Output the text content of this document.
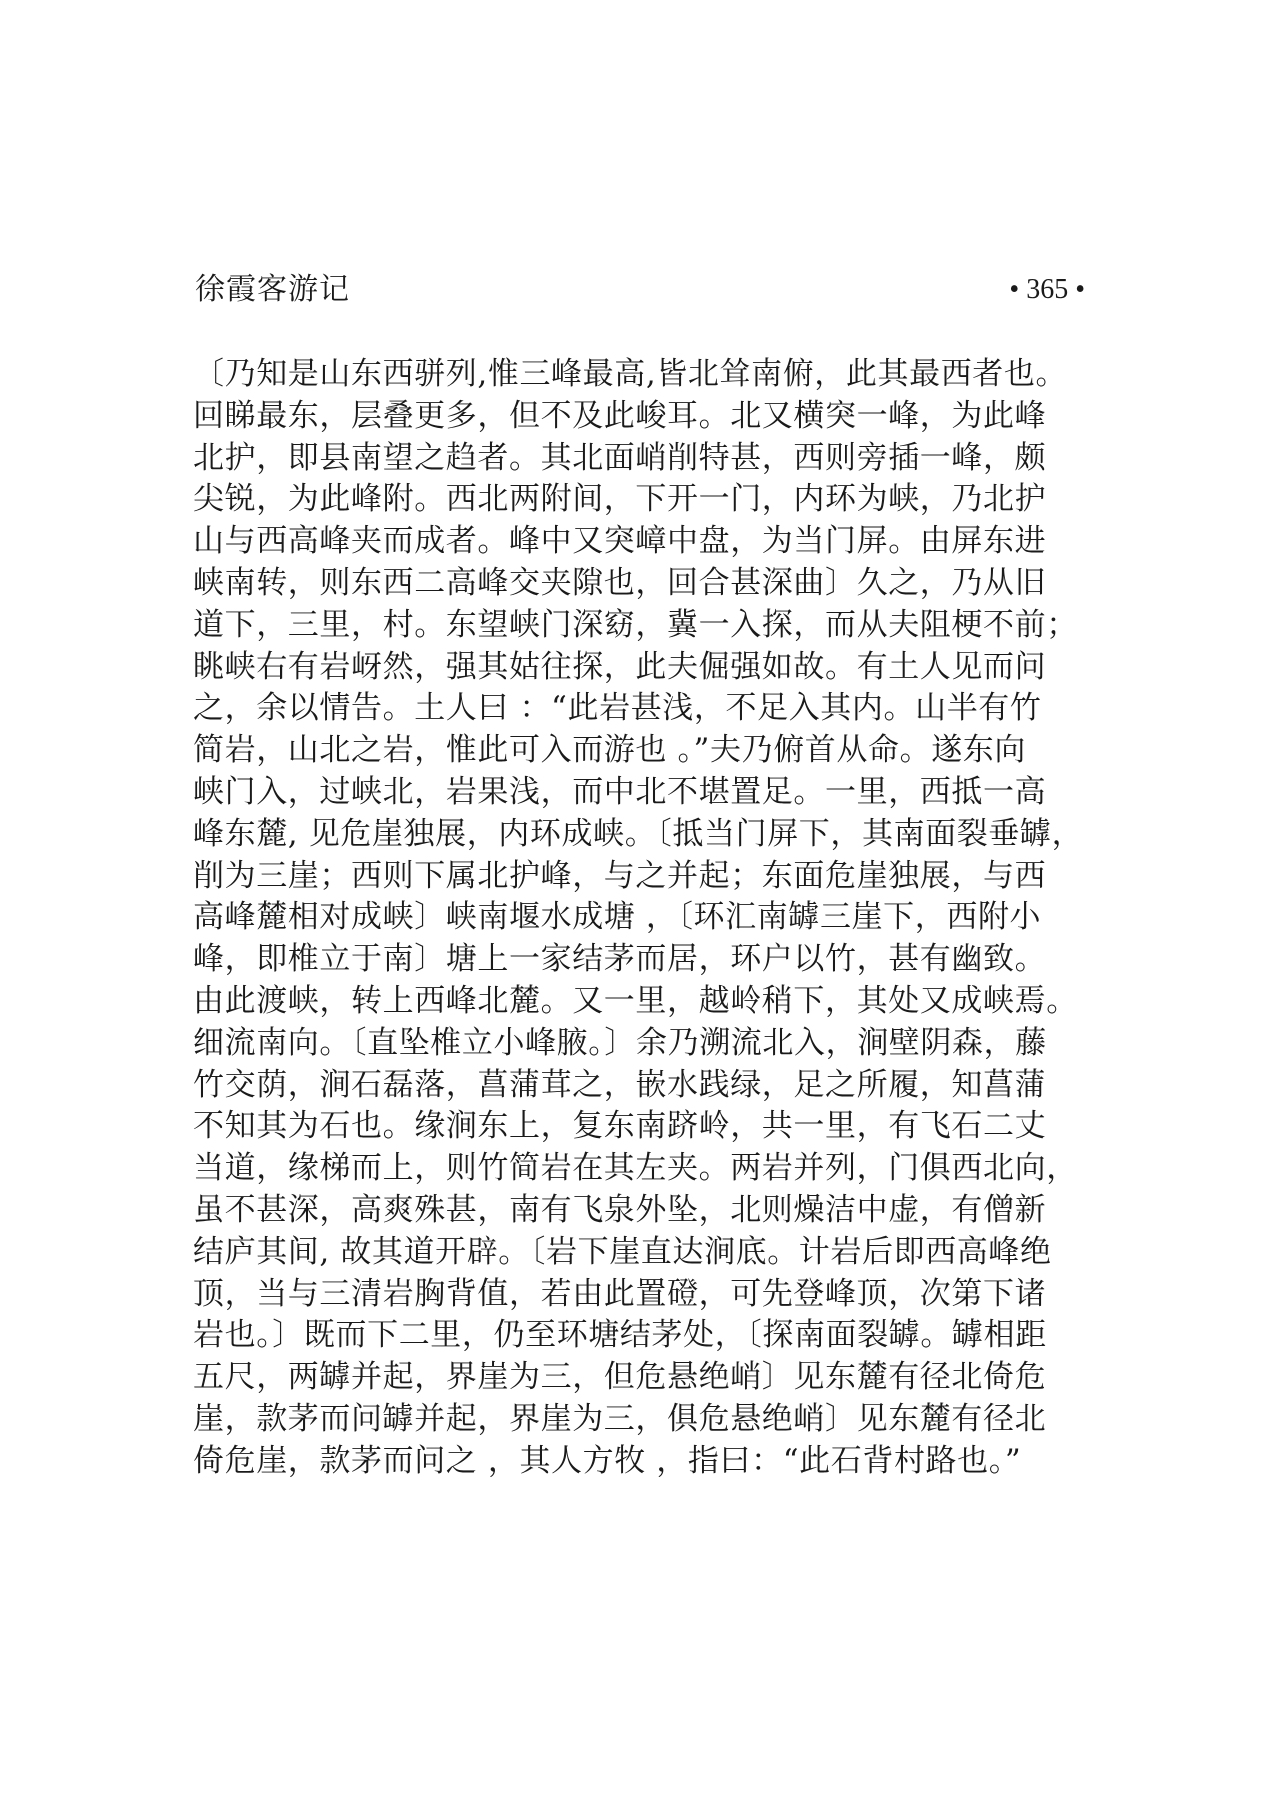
徐霞客游记	• 365 •
〔乃知是山东西骈列,惟三峰最高,皆北耸南俯，此其最西者也。
回睇最东，层叠更多，但不及此峻耳。北又横突一峰，为此峰
北护，即县南望之趋者。其北面峭削特甚，西则旁插一峰，颇
尖锐，为此峰附。西北两附间，下开一门，内环为峡，乃北护
山与西高峰夹而成者。峰中又突嶂中盘，为当门屏。由屏东进
峡南转，则东西二高峰交夹隙也，回合甚深曲〕久之，乃从旧
道下，三里，村。东望峡门深窈，冀一入探，而从夫阻梗不前；
眺峡右有岩岈然，强其姑往探，此夫倔强如故。有土人见而问
之，余以情告。土人曰 ：“此岩甚浅，不足入其内。山半有竹
简岩，山北之岩，惟此可入而游也 。”夫乃俯首从命。遂东向
峡门入，过峡北，岩果浅，而中北不堪置足。一里，西抵一高
峰东麓, 见危崖独展，内环成峡。〔抵当门屏下，其南面裂垂罅，
削为三崖；西则下属北护峰，与之并起；东面危崖独展，与西
高峰麓相对成峡〕峡南堰水成塘 ，〔环汇南罅三崖下，西附小
峰，即椎立于南〕塘上一家结茅而居，环户以竹，甚有幽致。
由此渡峡，转上西峰北麓。又一里，越岭稍下，其处又成峡焉。
细流南向。〔直坠椎立小峰腋。〕余乃溯流北入，涧壁阴森，藤
竹交荫，涧石磊落，菖蒲茸之，嵌水践绿，足之所履，知菖蒲
不知其为石也。缘涧东上，复东南跻岭，共一里，有飞石二丈
当道，缘梯而上，则竹简岩在其左夹。两岩并列，门俱西北向，
虽不甚深，高爽殊甚，南有飞泉外坠，北则燥洁中虚，有僧新
结庐其间, 故其道开辟。〔岩下崖直达涧底。计岩后即西高峰绝
顶，当与三清岩胸背值，若由此置磴，可先登峰顶，次第下诸
岩也。〕既而下二里，仍至环塘结茅处，〔探南面裂罅。罅相距
五尺，两罅并起，界崖为三，但危悬绝峭〕见东麓有径北倚危
崖，款茅而问罅并起，界崖为三，俱危悬绝峭〕见东麓有径北
倚危崖，款茅而问之 ，其人方牧 ，指曰：“此石背村路也。”
